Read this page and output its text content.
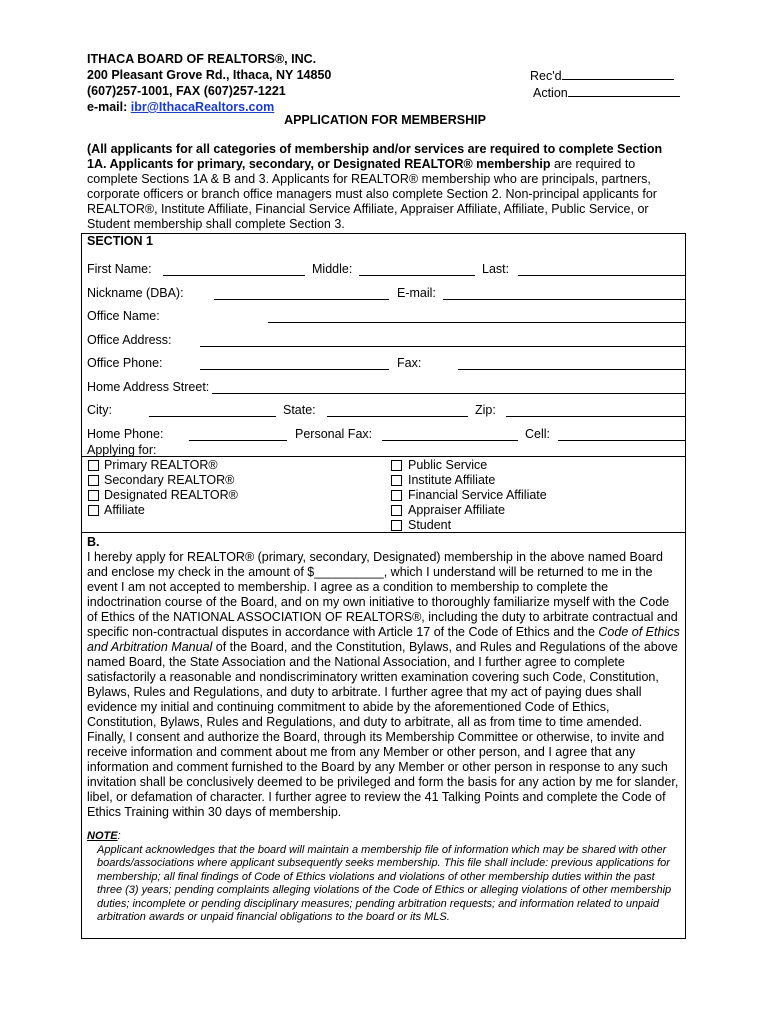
ITHACA BOARD OF REALTORS®, INC.
200 Pleasant Grove Rd., Ithaca, NY 14850
(607)257-1001, FAX (607)257-1221
e-mail: ibr@IthacaRealtors.com
Rec'd
Action
APPLICATION FOR MEMBERSHIP
(All applicants for all categories of membership and/or services are required to complete Section 1A. Applicants for primary, secondary, or Designated REALTOR® membership are required to complete Sections 1A & B and 3. Applicants for REALTOR® membership who are principals, partners, corporate officers or branch office managers must also complete Section 2. Non-principal applicants for REALTOR®, Institute Affiliate, Financial Service Affiliate, Appraiser Affiliate, Affiliate, Public Service, or Student membership shall complete Section 3.
SECTION 1
First Name:	Middle:	Last:
Nickname (DBA):	E-mail:
Office Name:
Office Address:
Office Phone:	Fax:
Home Address Street:
City:	State:	Zip:
Home Phone:	Personal Fax:	Cell:
Applying for:
Primary REALTOR®
Secondary REALTOR®
Designated REALTOR®
Affiliate
Public Service
Institute Affiliate
Financial Service Affiliate
Appraiser Affiliate
Student
B.
I hereby apply for REALTOR® (primary, secondary, Designated) membership in the above named Board and enclose my check in the amount of $__________, which I understand will be returned to me in the event I am not accepted to membership. I agree as a condition to membership to complete the indoctrination course of the Board, and on my own initiative to thoroughly familiarize myself with the Code of Ethics of the NATIONAL ASSOCIATION OF REALTORS®, including the duty to arbitrate contractual and specific non-contractual disputes in accordance with Article 17 of the Code of Ethics and the Code of Ethics and Arbitration Manual of the Board, and the Constitution, Bylaws, and Rules and Regulations of the above named Board, the State Association and the National Association, and I further agree to complete satisfactorily a reasonable and nondiscriminatory written examination covering such Code, Constitution, Bylaws, Rules and Regulations, and duty to arbitrate. I further agree that my act of paying dues shall evidence my initial and continuing commitment to abide by the aforementioned Code of Ethics, Constitution, Bylaws, Rules and Regulations, and duty to arbitrate, all as from time to time amended. Finally, I consent and authorize the Board, through its Membership Committee or otherwise, to invite and receive information and comment about me from any Member or other person, and I agree that any information and comment furnished to the Board by any Member or other person in response to any such invitation shall be conclusively deemed to be privileged and form the basis for any action by me for slander, libel, or defamation of character. I further agree to review the 41 Talking Points and complete the Code of Ethics Training within 30 days of membership.
NOTE:
Applicant acknowledges that the board will maintain a membership file of information which may be shared with other boards/associations where applicant subsequently seeks membership. This file shall include: previous applications for membership; all final findings of Code of Ethics violations and violations of other membership duties within the past three (3) years; pending complaints alleging violations of the Code of Ethics or alleging violations of other membership duties; incomplete or pending disciplinary measures; pending arbitration requests; and information related to unpaid arbitration awards or unpaid financial obligations to the board or its MLS.
